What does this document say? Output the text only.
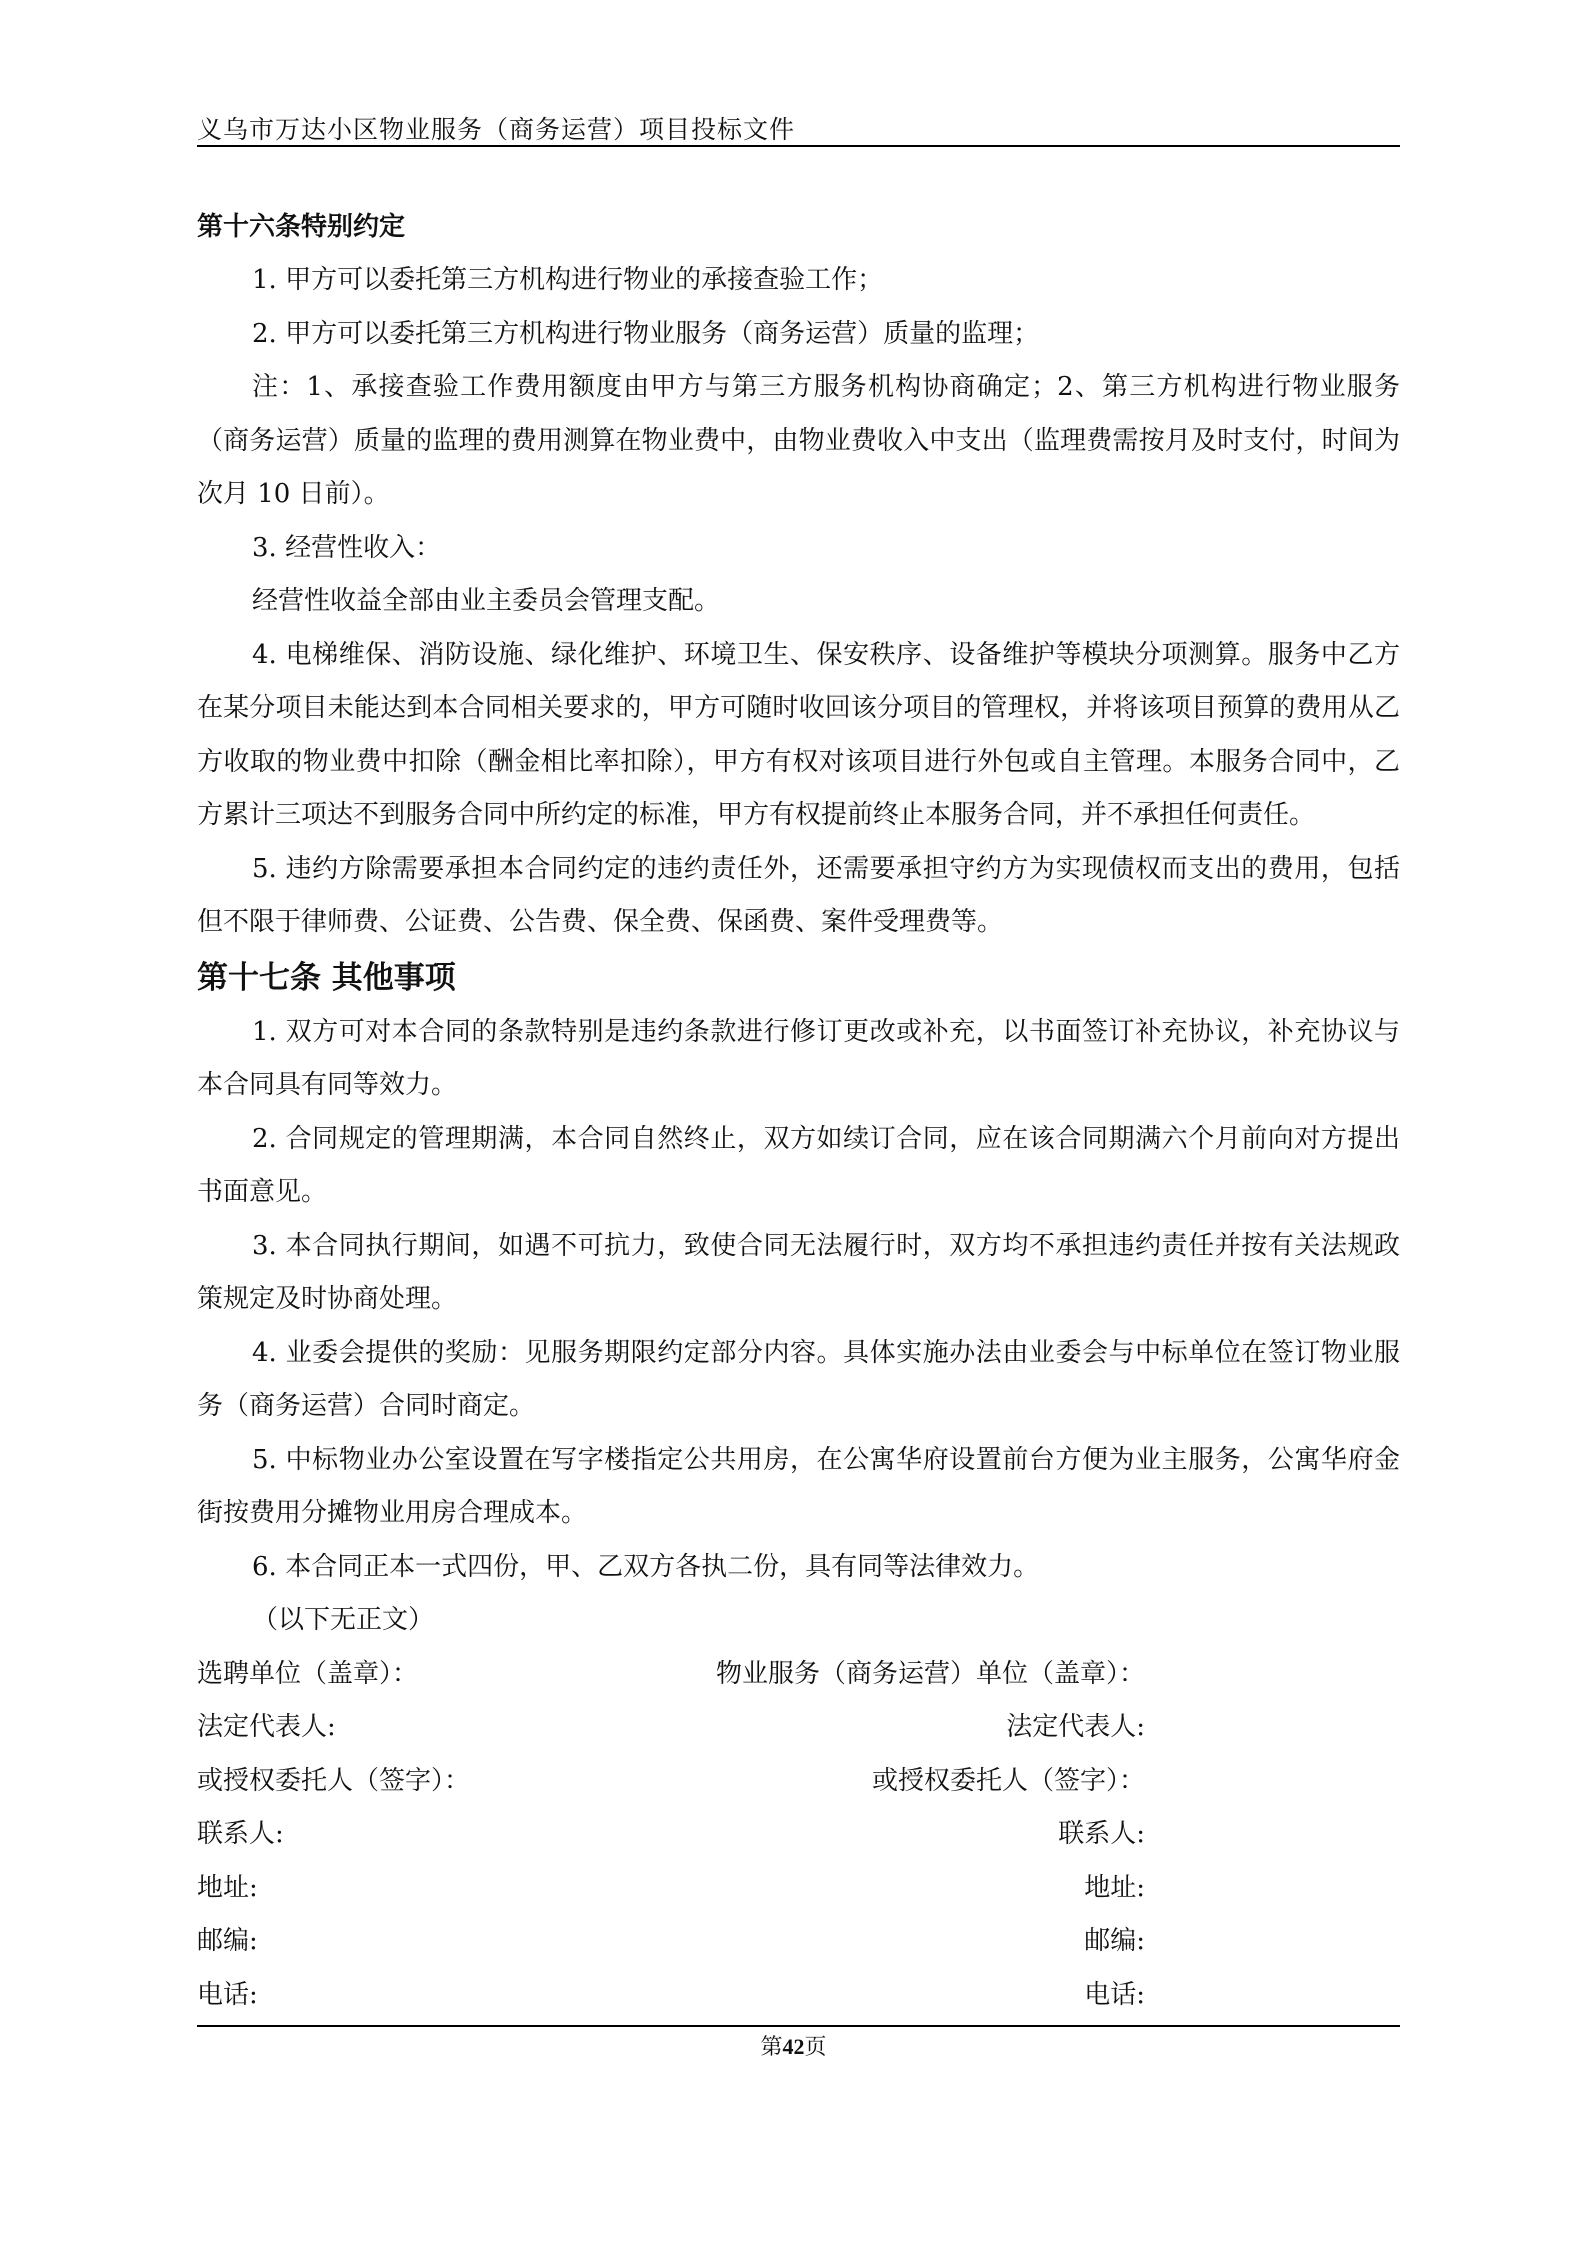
义乌市万达小区物业服务（商务运营）项目投标文件

第十六条特别约定

1. 甲方可以委托第三方机构进行物业的承接查验工作；

2. 甲方可以委托第三方机构进行物业服务（商务运营）质量的监理；

注：1、承接查验工作费用额度由甲方与第三方服务机构协商确定；2、第三方机构进行物业服务（商务运营）质量的监理的费用测算在物业费中，由物业费收入中支出（监理费需按月及时支付，时间为次月 10 日前）。

3. 经营性收入：

经营性收益全部由业主委员会管理支配。

4. 电梯维保、消防设施、绿化维护、环境卫生、保安秩序、设备维护等模块分项测算。服务中乙方在某分项目未能达到本合同相关要求的，甲方可随时收回该分项目的管理权，并将该项目预算的费用从乙方收取的物业费中扣除（酬金相比率扣除），甲方有权对该项目进行外包或自主管理。本服务合同中，乙方累计三项达不到服务合同中所约定的标准，甲方有权提前终止本服务合同，并不承担任何责任。

5. 违约方除需要承担本合同约定的违约责任外，还需要承担守约方为实现债权而支出的费用，包括但不限于律师费、公证费、公告费、保全费、保函费、案件受理费等。

第十七条 其他事项

1. 双方可对本合同的条款特别是违约条款进行修订更改或补充，以书面签订补充协议，补充协议与本合同具有同等效力。

2. 合同规定的管理期满，本合同自然终止，双方如续订合同，应在该合同期满六个月前向对方提出书面意见。

3. 本合同执行期间，如遇不可抗力，致使合同无法履行时，双方均不承担违约责任并按有关法规政策规定及时协商处理。

4. 业委会提供的奖励：见服务期限约定部分内容。具体实施办法由业委会与中标单位在签订物业服务（商务运营）合同时商定。

5. 中标物业办公室设置在写字楼指定公共用房，在公寓华府设置前台方便为业主服务，公寓华府金街按费用分摊物业用房合理成本。

6. 本合同正本一式四份，甲、乙双方各执二份，具有同等法律效力。

（以下无正文）

选聘单位（盖章）：	物业服务（商务运营）单位（盖章）：
法定代表人:	法定代表人:
或授权委托人（签字）：	或授权委托人（签字）：
联系人:	联系人:
地址:	地址:
邮编:	邮编:
电话:	电话:
第42页
